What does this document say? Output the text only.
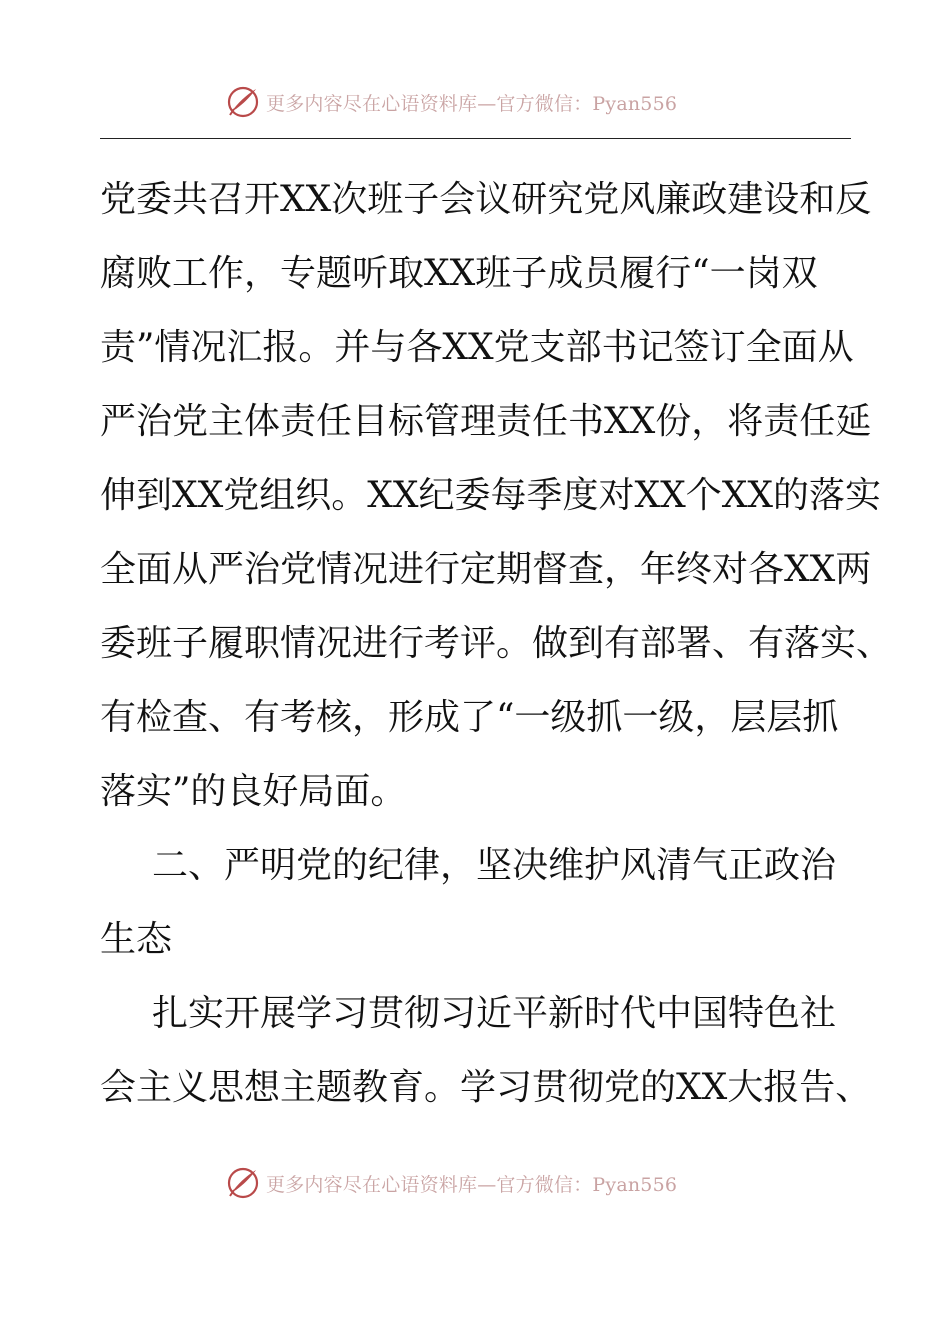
更多内容尽在心语资料库—官方微信：Pyan556
党委共召开XX次班子会议研究党风廉政建设和反
腐败工作，专题听取XX班子成员履行“一岗双
责”情况汇报。并与各XX党支部书记签订全面从
严治党主体责任目标管理责任书XX份，将责任延
伸到XX党组织。XX纪委每季度对XX个XX的落实
全面从严治党情况进行定期督查，年终对各XX两
委班子履职情况进行考评。做到有部署、有落实、
有检查、有考核，形成了“一级抓一级，层层抓
落实”的良好局面。
二、严明党的纪律，坚决维护风清气正政治
生态
扎实开展学习贯彻习近平新时代中国特色社
会主义思想主题教育。学习贯彻党的XX大报告、
更多内容尽在心语资料库—官方微信：Pyan556
